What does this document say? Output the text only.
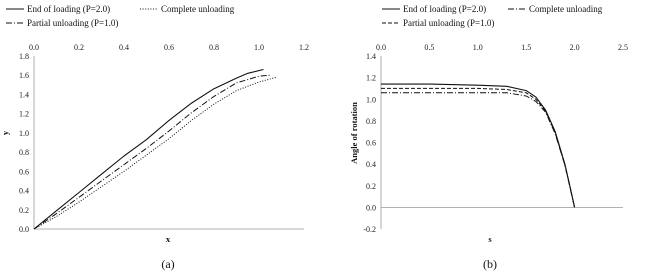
End of loading (P=2.0)	Complete unloading
Partial unloading (P=1.0)
End of loading (P=2.0)	Complete unloading
Partial unloading (P=1.0)
0.0	0.2	0.4	0.6	0.8	1.0	1.2
0.0
0.2
0.4
0.6
0.8
1.0
1.2
1.4
1.6
1.8
x
y
(a)
0.0	0.5	1.0	1.5	2.0	2.5
-0.2
0.0
0.2
0.4
0.6
0.8
1.0
1.2
1.4
s
Angle of rotation
(b)
